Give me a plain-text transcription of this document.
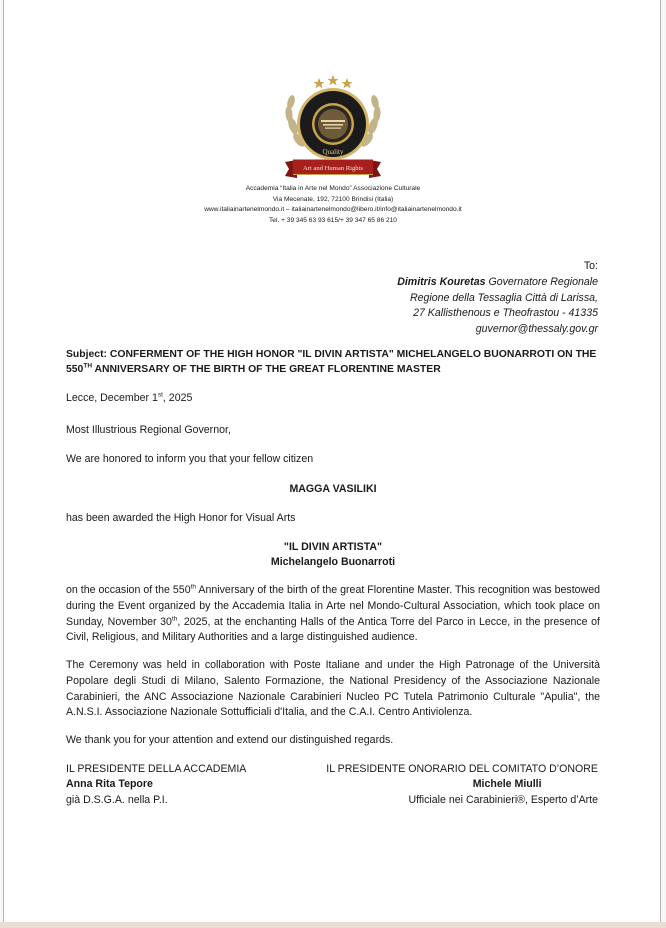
Quality
Art and Human Rights
Accademia “Italia in Arte nel Mondo” Associazione Culturale
Via Mecenate, 192, 72100 Brindisi (Italia)
www.italiainartenelmondo.it – italiainartenelmondo@libero.it/info@italiainartenelmondo.it
Tel. + 39 345 63 93 615/+ 39 347 65 86 210
To:
Dimitris Kouretas Governatore Regionale
Regione della Tessaglia Città di Larissa,
27 Kallisthenous e Theofrastou - 41335
guvernor@thessaly.gov.gr
Subject: CONFERMENT OF THE HIGH HONOR "IL DIVIN ARTISTA" MICHELANGELO BUONARROTI ON THE
550TH ANNIVERSARY OF THE BIRTH OF THE GREAT FLORENTINE MASTER
Lecce, December 1st, 2025
Most Illustrious Regional Governor,
We are honored to inform you that your fellow citizen
MAGGA VASILIKI
has been awarded the High Honor for Visual Arts
"IL DIVIN ARTISTA"
Michelangelo Buonarroti
on the occasion of the 550th Anniversary of the birth of the great Florentine Master. This recognition was bestowed during the Event organized by the Accademia Italia in Arte nel Mondo-Cultural Association, which took place on Sunday, November 30th, 2025, at the enchanting Halls of the Antica Torre del Parco in Lecce, in the presence of Civil, Religious, and Military Authorities and a large distinguished audience.
The Ceremony was held in collaboration with Poste Italiane and under the High Patronage of the Università Popolare degli Studi di Milano, Salento Formazione, the National Presidency of the Associazione Nazionale Carabinieri, the ANC Associazione Nazionale Carabinieri Nucleo PC Tutela Patrimonio Culturale "Apulia", the A.N.S.I. Associazione Nazionale Sottufficiali d'Italia, and the C.A.I. Centro Antiviolenza.
We thank you for your attention and extend our distinguished regards.
IL PRESIDENTE DELLA ACCADEMIA
Anna Rita Tepore
già D.S.G.A. nella P.I.
IL PRESIDENTE ONORARIO DEL COMITATO D’ONORE
Michele Miulli
Ufficiale nei Carabinieri®, Esperto d’Arte
